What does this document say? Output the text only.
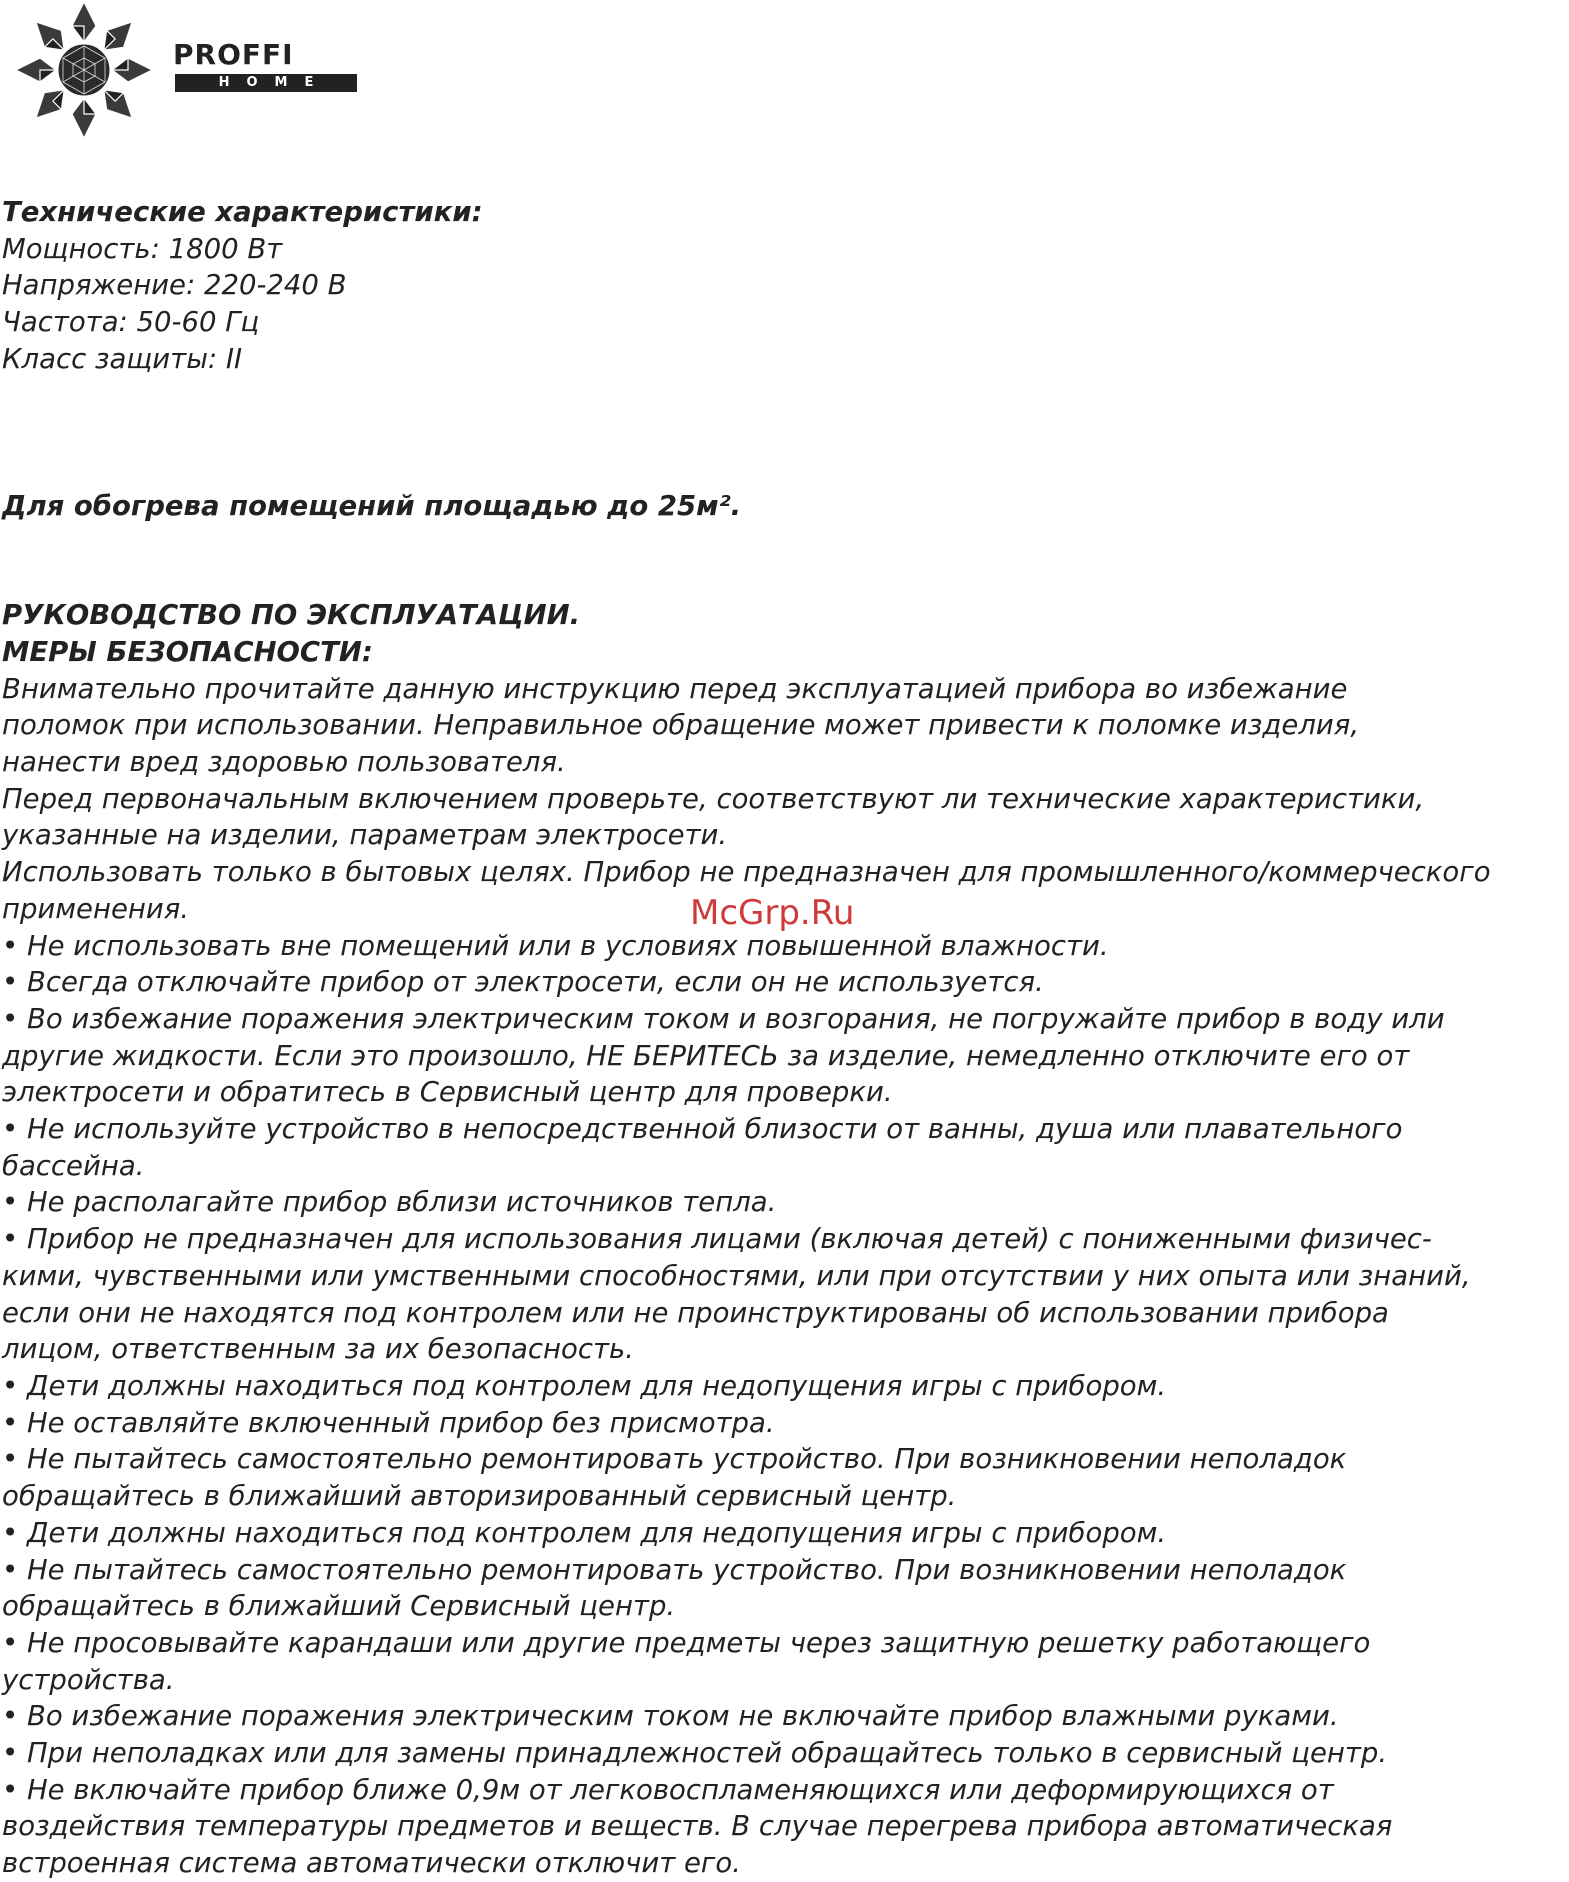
PROFFI
HOME

Технические характеристики:

Мощность: 1800 Вт

Напряжение: 220-240 В

Частота: 50-60 Гц

Класс защиты: II

Для обогрева помещений площадью до 25м².

РУКОВОДСТВО ПО ЭКСПЛУАТАЦИИ.

МЕРЫ БЕЗОПАСНОСТИ:

Внимательно прочитайте данную инструкцию перед эксплуатацией прибора во избежание

поломок при использовании. Неправильное обращение может привести к поломке изделия,

нанести вред здоровью пользователя.

Перед первоначальным включением проверьте, соответствуют ли технические характеристики,

указанные на изделии, параметрам электросети.

Использовать только в бытовых целях. Прибор не предназначен для промышленного/коммерческого

применения.

• Не использовать вне помещений или в условиях повышенной влажности.

• Всегда отключайте прибор от электросети, если он не используется.

• Во избежание поражения электрическим током и возгорания, не погружайте прибор в воду или

другие жидкости. Если это произошло, НЕ БЕРИТЕСЬ за изделие, немедленно отключите его от

электросети и обратитесь в Сервисный центр для проверки.

• Не используйте устройство в непосредственной близости от ванны, душа или плавательного

бассейна.

• Не располагайте прибор вблизи источников тепла.

• Прибор не предназначен для использования лицами (включая детей) с пониженными физичес-

кими, чувственными или умственными способностями, или при отсутствии у них опыта или знаний,

если они не находятся под контролем или не проинструктированы об использовании прибора

лицом, ответственным за их безопасность.

• Дети должны находиться под контролем для недопущения игры с прибором.

• Не оставляйте включенный прибор без присмотра.

• Не пытайтесь самостоятельно ремонтировать устройство. При возникновении неполадок

обращайтесь в ближайший авторизированный сервисный центр.

• Дети должны находиться под контролем для недопущения игры с прибором.

• Не пытайтесь самостоятельно ремонтировать устройство. При возникновении неполадок

обращайтесь в ближайший Сервисный центр.

• Не просовывайте карандаши или другие предметы через защитную решетку работающего

устройства.

• Во избежание поражения электрическим током не включайте прибор влажными руками.

• При неполадках или для замены принадлежностей обращайтесь только в сервисный центр.

• Не включайте прибор ближе 0,9м от легковоспламеняющихся или деформирующихся от

воздействия температуры предметов и веществ. В случае перегрева прибора автоматическая

встроенная система автоматически отключит его.

McGrp.Ru
